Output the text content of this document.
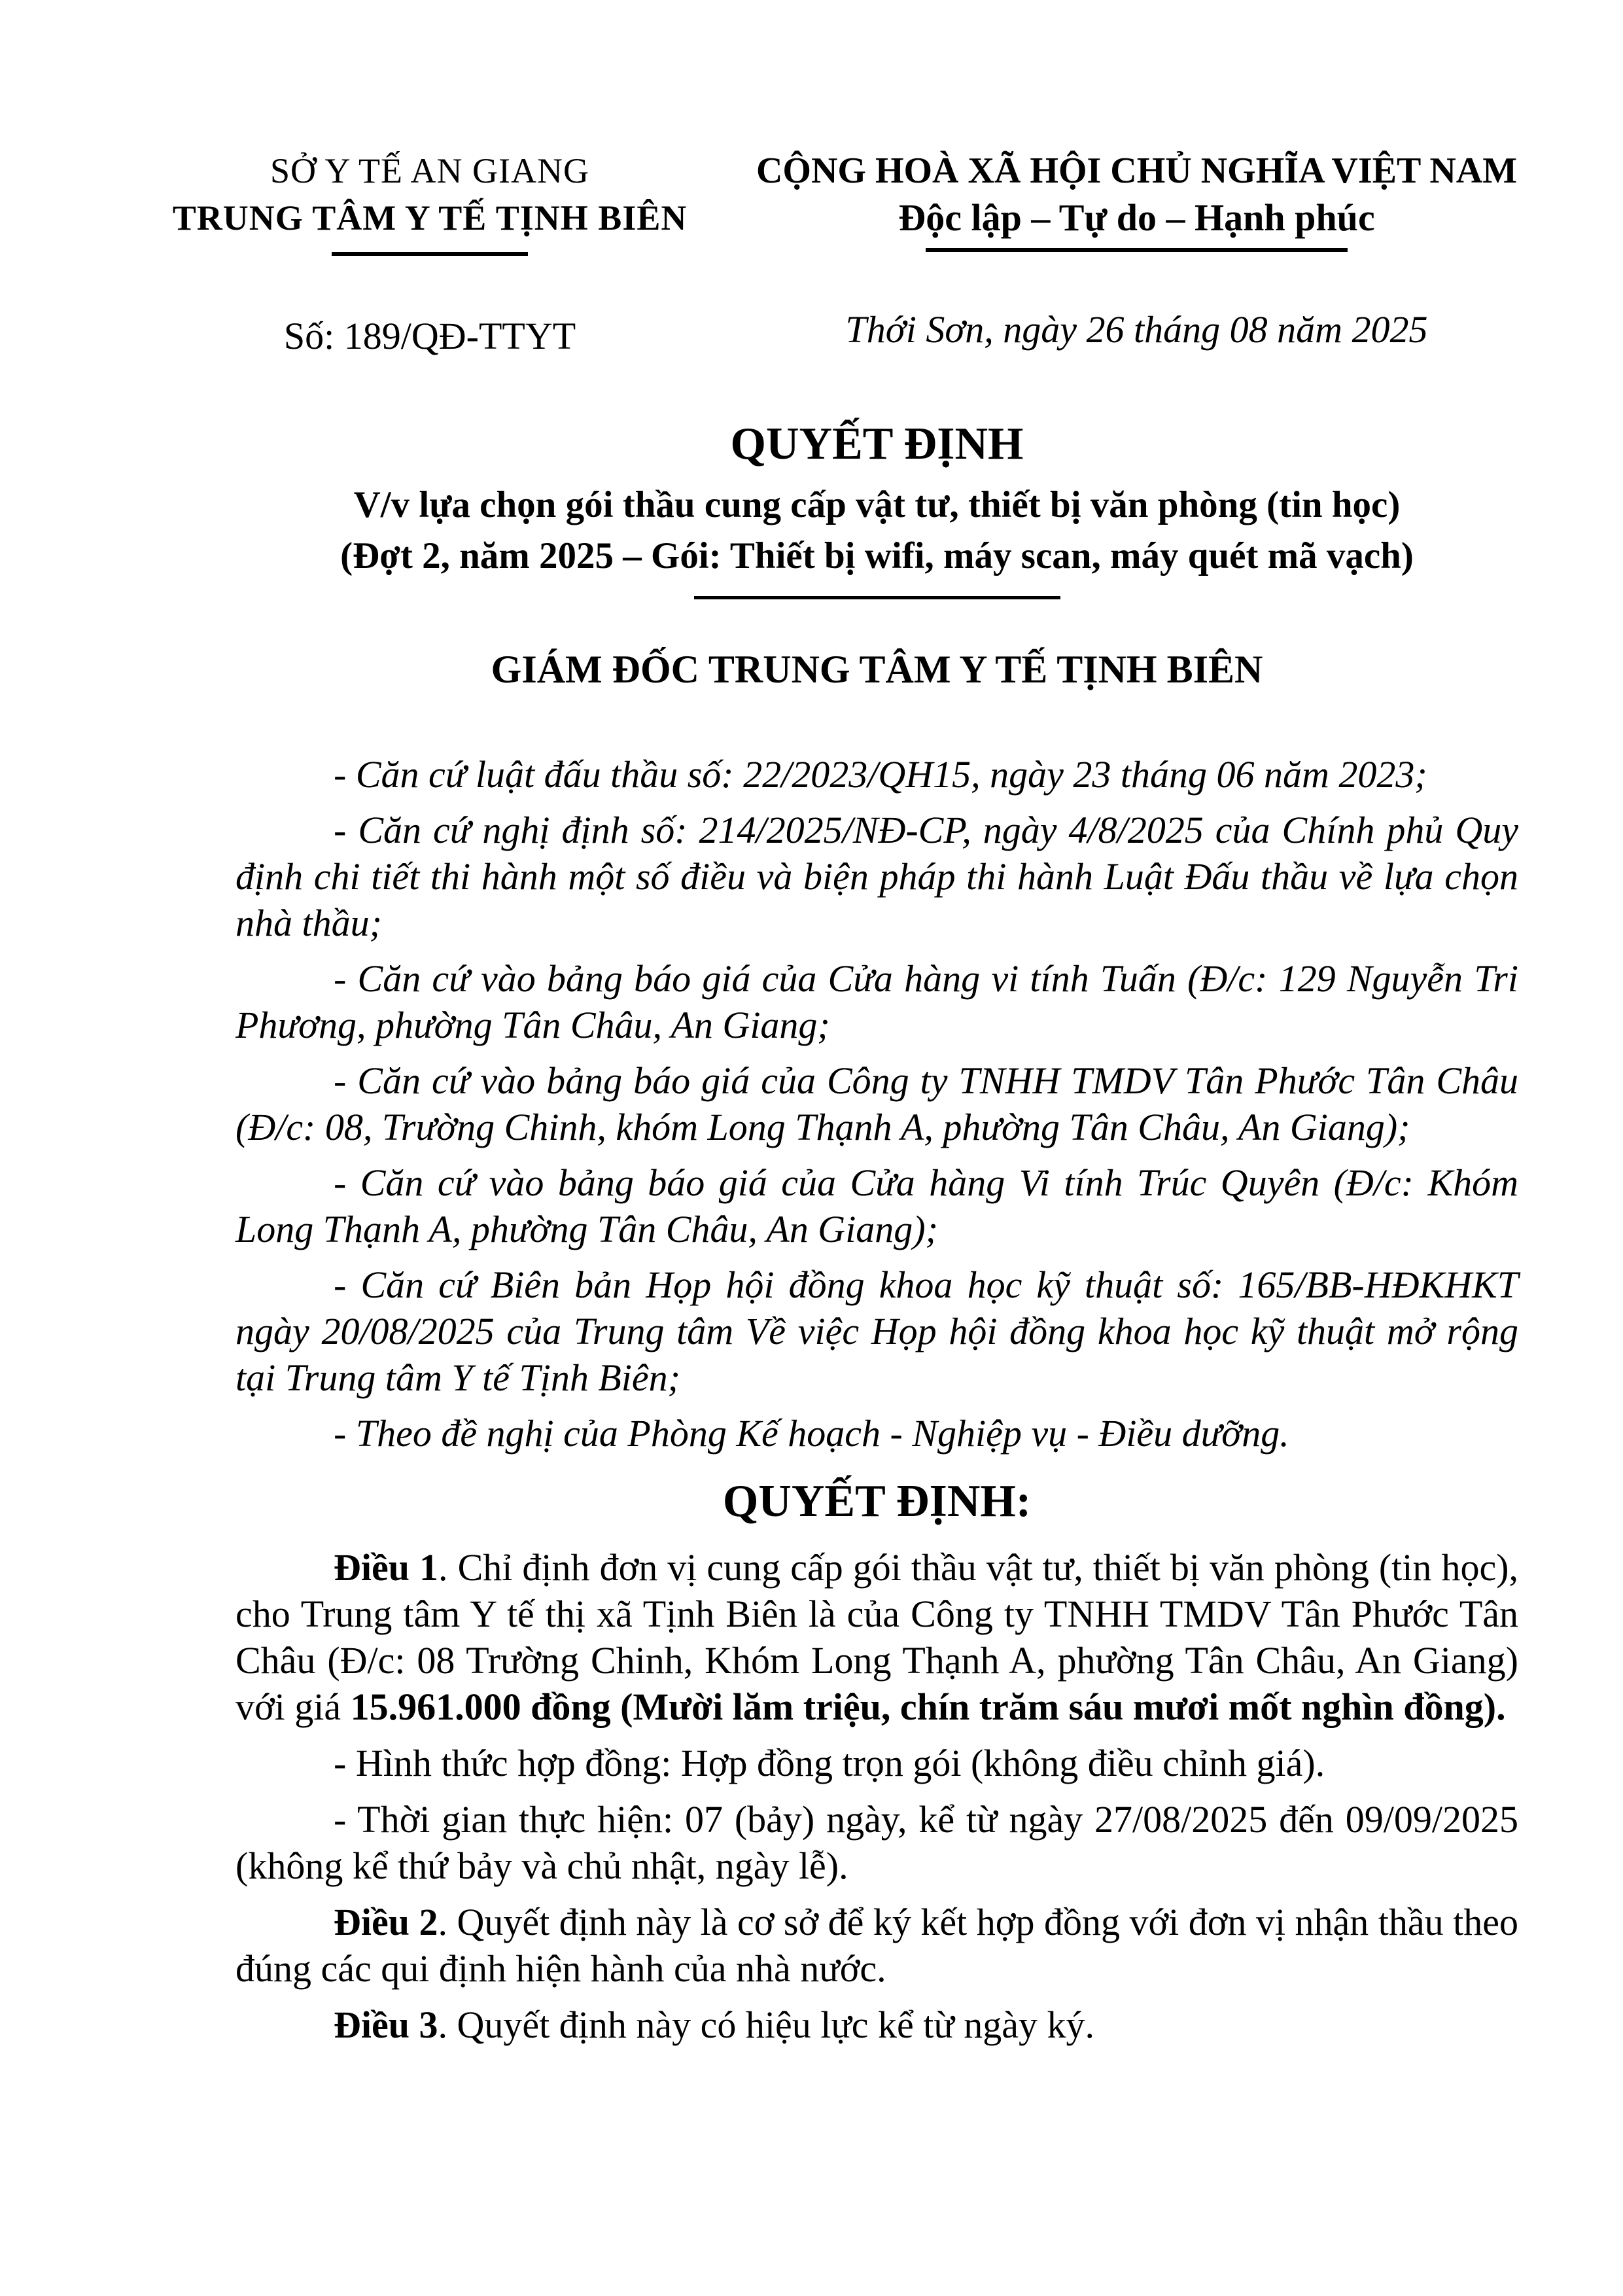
SỞ Y TẾ AN GIANG
TRUNG TÂM Y TẾ TỊNH BIÊN
Số: 189/QĐ-TTYT
CỘNG HOÀ XÃ HỘI CHỦ NGHĨA VIỆT NAM
Độc lập – Tự do – Hạnh phúc
Thới Sơn, ngày 26 tháng 08 năm 2025
QUYẾT ĐỊNH
V/v lựa chọn gói thầu cung cấp vật tư, thiết bị văn phòng (tin học)
(Đợt 2, năm 2025 – Gói: Thiết bị wifi, máy scan, máy quét mã vạch)
GIÁM ĐỐC TRUNG TÂM Y TẾ TỊNH BIÊN

- Căn cứ luật đấu thầu số: 22/2023/QH15, ngày 23 tháng 06 năm 2023;

- Căn cứ nghị định số: 214/2025/NĐ-CP, ngày 4/8/2025 của Chính phủ Quy định chi tiết thi hành một số điều và biện pháp thi hành Luật Đấu thầu về lựa chọn nhà thầu;

- Căn cứ vào bảng báo giá của Cửa hàng vi tính Tuấn (Đ/c: 129 Nguyễn Tri Phương, phường Tân Châu, An Giang;

- Căn cứ vào bảng báo giá của Công ty TNHH TMDV Tân Phước Tân Châu (Đ/c: 08, Trường Chinh, khóm Long Thạnh A, phường Tân Châu, An Giang);

- Căn cứ vào bảng báo giá của Cửa hàng Vi tính Trúc Quyên (Đ/c: Khóm Long Thạnh A, phường Tân Châu, An Giang);

- Căn cứ Biên bản Họp hội đồng khoa học kỹ thuật số: 165/BB-HĐKHKT ngày 20/08/2025 của Trung tâm Về việc Họp hội đồng khoa học kỹ thuật mở rộng tại Trung tâm Y tế Tịnh Biên;

- Theo đề nghị của Phòng Kế hoạch - Nghiệp vụ - Điều dưỡng.

QUYẾT ĐỊNH:

Điều 1. Chỉ định đơn vị cung cấp gói thầu vật tư, thiết bị văn phòng (tin học), cho Trung tâm Y tế thị xã Tịnh Biên là của Công ty TNHH TMDV Tân Phước Tân Châu (Đ/c: 08 Trường Chinh, Khóm Long Thạnh A, phường Tân Châu, An Giang) với giá 15.961.000 đồng (Mười lăm triệu, chín trăm sáu mươi mốt nghìn đồng).

- Hình thức hợp đồng: Hợp đồng trọn gói (không điều chỉnh giá).

- Thời gian thực hiện: 07 (bảy) ngày, kể từ ngày 27/08/2025 đến 09/09/2025 (không kể thứ bảy và chủ nhật, ngày lễ).

Điều 2. Quyết định này là cơ sở để ký kết hợp đồng với đơn vị nhận thầu theo đúng các qui định hiện hành của nhà nước.

Điều 3. Quyết định này có hiệu lực kể từ ngày ký.
